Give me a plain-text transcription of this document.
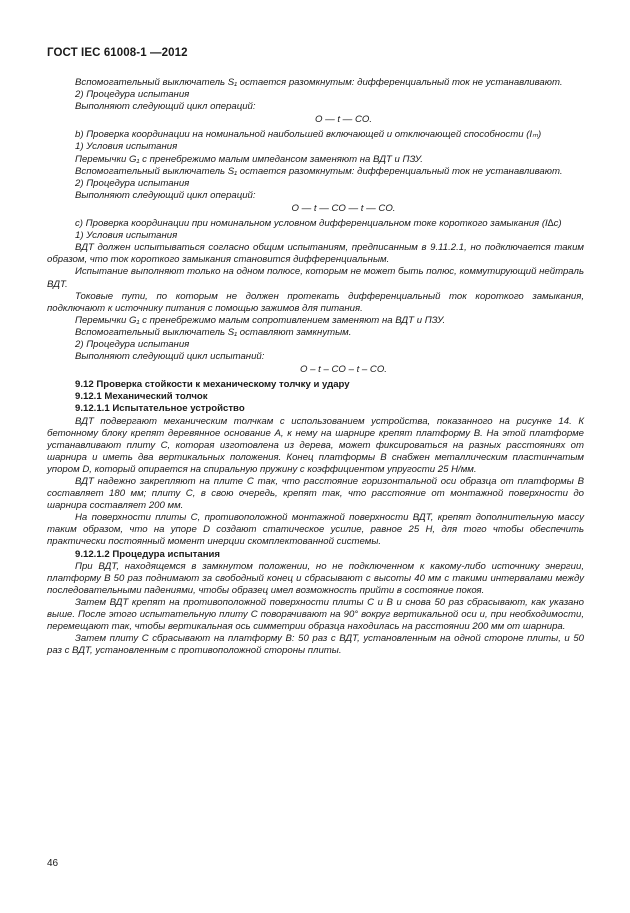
ГОСТ IEC 61008-1 —2012

Вспомогательный выключатель S₁ остается разомкнутым: дифференциальный ток не устанавливают.

2) Процедура испытания

Выполняют следующий цикл операций:

O — t — CO.

b) Проверка координации на номинальной наибольшей включающей и отключающей способности (Iₘ)

1) Условия испытания

Перемычки G₁ с пренебрежимо малым импедансом заменяют на ВДТ и ПЗУ.

Вспомогательный выключатель S₁ остается разомкнутым: дифференциальный ток не устанавливают.

2) Процедура испытания

Выполняют следующий цикл операций:

O — t — CO — t — CO.

c) Проверка координации при номинальном условном дифференциальном токе короткого замыкания (I∆c)

1) Условия испытания

ВДТ должен испытываться согласно общим испытаниям, предписанным в 9.11.2.1, но подключается таким образом, что ток короткого замыкания становится дифференциальным.

Испытание выполняют только на одном полюсе, которым не может быть полюс, коммутирующий нейтраль ВДТ.

Токовые пути, по которым не должен протекать дифференциальный ток короткого замыкания, подключают к источнику питания с помощью зажимов для питания.

Перемычки G₁ с пренебрежимо малым сопротивлением заменяют на ВДТ и ПЗУ.

Вспомогательный выключатель S₁ оставляют замкнутым.

2) Процедура испытания

Выполняют следующий цикл испытаний:

O – t – CO – t – CO.

9.12 Проверка стойкости к механическому толчку и удару

9.12.1 Механический толчок

9.12.1.1 Испытательное устройство

ВДТ подвергают механическим толчкам с использованием устройства, показанного на рисунке 14. К бетонному блоку крепят деревянное основание А, к нему на шарнире крепят платформу В. На этой платформе устанавливают плиту С, которая изготовлена из дерева, может фиксироваться на разных расстояниях от шарнира и иметь два вертикальных положения. Конец платформы В снабжен металлическим пластинчатым упором D, который опирается на спиральную пружину с коэффициентом упругости 25 Н/мм.

ВДТ надежно закрепляют на плите С так, что расстояние горизонтальной оси образца от платформы В составляет 180 мм; плиту С, в свою очередь, крепят так, что расстояние от монтажной поверхности до шарнира составляет 200 мм.

На поверхности плиты С, противоположной монтажной поверхности ВДТ, крепят дополнительную массу таким образом, что на упоре D создают статическое усилие, равное 25 Н, для того чтобы обеспечить практически постоянный момент инерции скомплектованной системы.

9.12.1.2 Процедура испытания

При ВДТ, находящемся в замкнутом положении, но не подключенном к какому-либо источнику энергии, платформу В 50 раз поднимают за свободный конец и сбрасывают с высоты 40 мм с такими интервалами между последовательными падениями, чтобы образец имел возможность прийти в состояние покоя.

Затем ВДТ крепят на противоположной поверхности плиты С и В и снова 50 раз сбрасывают, как указано выше. После этого испытательную плиту С поворачивают на 90° вокруг вертикальной оси и, при необходимости, перемещают так, чтобы вертикальная ось симметрии образца находилась на расстоянии 200 мм от шарнира.

Затем плиту С сбрасывают на платформу В: 50 раз с ВДТ, установленным на одной стороне плиты, и 50 раз с ВДТ, установленным с противоположной стороны плиты.

46
